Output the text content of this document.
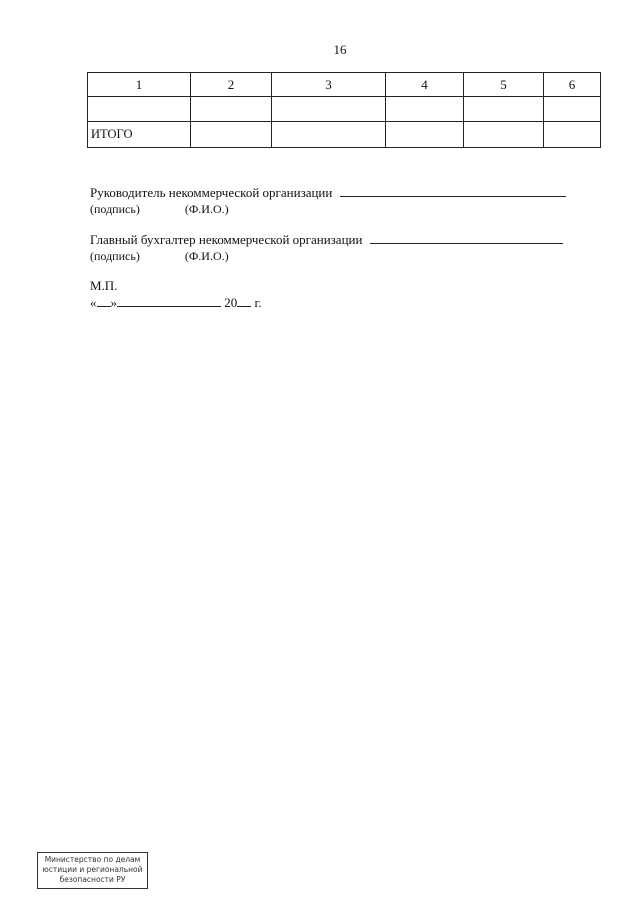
16
1	2	3	4	5	6

ИТОГО					
Руководитель некоммерческой организации
(подпись)	(Ф.И.О.)
Главный бухгалтер некоммерческой организации
(подпись)	(Ф.И.О.)
М.П.
« »	20 г.
Министерство по делам
юстиции и региональной
безопасности РУ
